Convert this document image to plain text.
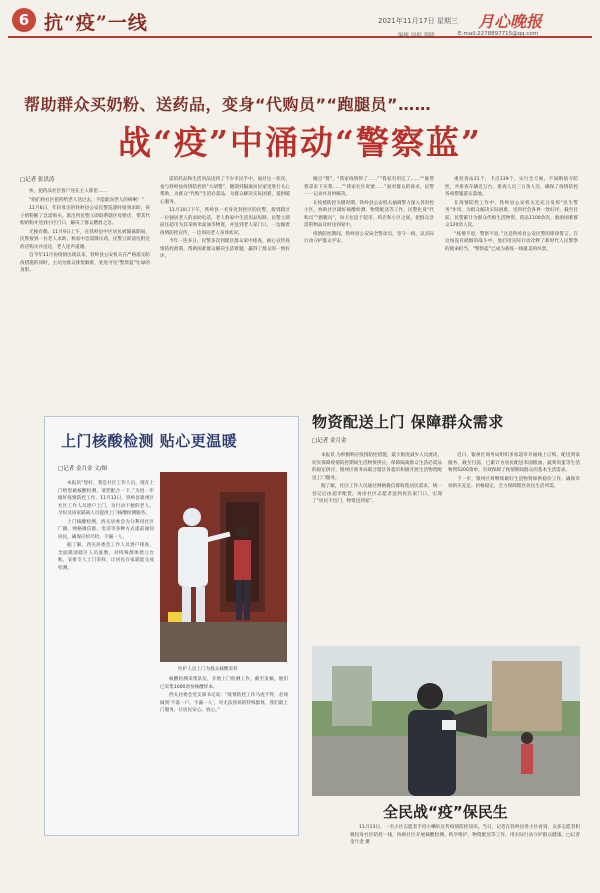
6 抗“疫”一线	2021年11月17日 星期三 月心晚报
编辑 周娟 郭晓	E-mail:2278897715@qq.com
帮助群众买奶粉、送药品，变身“代购员”“跑腿员”……
战“疫”中涌动“警察蓝”
□记者 张洪涛

快，把药品社区客户送在主人那里……

“咱们将社区把药给老人送过去，不能耽误老人的病啊！”

11月6日，年轻母亲的铁岭县公安民警巡逻时接到求助，孩子奶粉断了急需购买。派出所民警立即联系辖区母婴店，帮其代购奶粉并送到小区门口，解决了群众燃眉之急。

无独有偶，11月9日上午，在铁岭县中区居民被隔离期间，民警接到一位老人求助，称家中急需降压药。民警立即前往附近药店购买并送达，老人连声道谢。

自今年11月份疫情出现以来，铁岭县公安机关在严格落实防疫措施的同时，主动为群众排忧解难，处处可见“警察蓝”忙碌的身影。

需的药品和生活用品送到了不少市民手中。面对这一状况，参与铁岭县疫情防控的“大胡警”，随即到隔离居民家里进行关心帮助，为群众“代购”生活必需品，为群众解决实际困难，提供暖心服务。

11月10日下午，铁岭县一名身处封控区的民警，接到辖区一位独居老人的求助电话，老人称家中生活用品短缺。民警立即前往超市为其采购米面油等物资，并送到老人家门口，一边做着疫情防控宣传，一边询问老人身体状况。

今年一连多日，民警多次到辖区群众家中排查，耐心宣传疫情防控政策，帮助困难群众解决生活难题，赢得了群众的一致好评。

她点“赞”，“我家疫情得了……”“我家有用完了……”“谁帮我拿来下买菜……”“我家社区说要……”面对群众的诉求，民警一一记录并及时解决。

在疫情防控关键时期，铁岭县公安机关抽调警力深入各封控小区，协助社区做好核酸检测、物资配送等工作，民警化身“代购员”“跑腿员”，每天往返于超市、药店和小区之间，把群众急需的物品及时送到家中。

疫情防控期间，铁岭县公安局全警动员，坚守一线，以实际行动守护群众平安。

重检查站21个，卡点139个，实行全天候、不间断值守防控，共排查车辆近万台，排查人员三万余人次，确保了疫情防控各项措施落实落地。

在疫情防控工作中，铁岭县公安机关还充分发挥“民生警务”作用，为群众解决实际困难，受到社会各界一致好评。截至目前，民警累计为群众代购生活物资、药品1100余次，救助困难群众120余人次。

“疫情不退，警察不退。”这是铁岭县公安民警的铮铮誓言。在这场没有硝烟的战斗中，他们用实际行动诠释了新时代人民警察的使命担当，“警察蓝”已成为战疫一线最美的风景。

上门核酸检测 贴心更温暖
□记者 金月金 文/图

本报讯“您好，我是社区工作人员，现在上门给您做核酸检测，请您配合一下。”为进一步做好疫情防控工作，11月12日，铁岭县银州区社区工作人员逐户上门，为行动不便的老人、孕妇及居家隔离人员提供上门核酸检测服务。

上门核酸检测，西关居委会为分利用社区广播、网格微信群、电话等多种方式提前通知居民，确保应检尽检、不漏一人。

据了解，西关居委会工作人员逐户排查，全面摸清辖区人员底数，对特殊群体建立台账，安排专人上门采样，让居民在家就能完成检测。

医护人员上门为群众核酸采样

核酸检测采集队伍，开始上门检测工作，截至发稿，他们已采集1000余份核酸样本。

西关居委会党支部书记说：“疫情防控工作马虎不得，必须做到‘不落一户、不漏一人’，对无法到场的特殊群体，我们就上门服务，让居民安心、放心。”

物资配送上门 保障群众需求
□记者 金月金

本报讯 为积极响应疫情防控措施，最大限度减少人员流动，切实保障疫情防控期间生活物资供应，保障隔离群众生活必需品的稳定供应，银州区商务局联合辖区各超市积极开展生活物资配送上门服务。

据了解，社区工作人员通过网格微信群收集居民需求，统一登记后由超市配货，再由社区志愿者送到居民家门口，实现了“居民不出门，物资送到家”。

近日，银州区商务局组织多家超市开通线上订购、配送到家服务，截至目前，已累计为居民配送米面粮油、蔬菜肉蛋等生活物资5200余单，有效保障了疫情期间群众的基本生活需求。

下一步，银州区将继续做好生活物资保供稳价工作，确保市场供应充足、价格稳定，全力保障辖区居民生活所需。

全民战“疫”保民生

11月13日，一名小区志愿者手持小喇叭宣传疫情防控知识。当日，记者在铁岭县各小区看到，众多志愿者积极投身社区防控一线，协助社区开展核酸检测、秩序维护、物资配送等工作，用实际行动守护群众健康。□记者 金月金 摄
